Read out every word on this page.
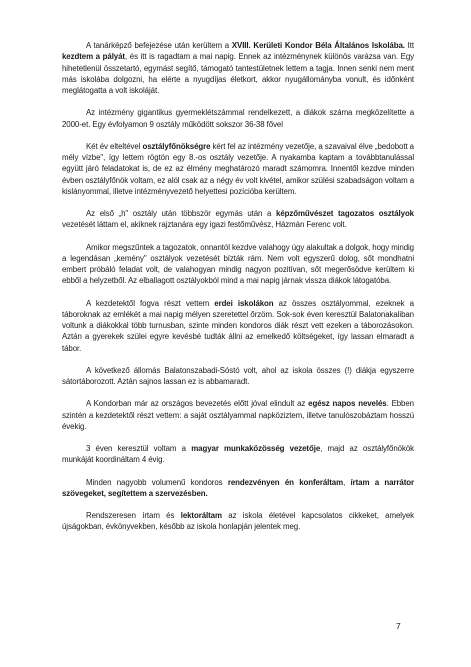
A tanárképző befejezése után kerültem a XVIII. Kerületi Kondor Béla Általános Iskolába. Itt kezdtem a pályát, és itt is ragadtam a mai napig. Ennek az intézménynek különös varázsa van. Egy hihetetlenül összetartó, egymást segítő, támogató tantestületnek lettem a tagja. Innen senki nem ment más iskolába dolgozni, ha elérte a nyugdíjas életkort, akkor nyugállományba vonult, és időnként meglátogatta a volt iskoláját.

Az intézmény gigantikus gyermeklétszámmal rendelkezett, a diákok száma megközelítette a 2000-et. Egy évfolyamon 9 osztály működött sokszor 36-38 fővel

Két év elteltével osztályfőnökségre kért fel az intézmény vezetője, a szavaival élve „bedobott a mély vízbe", így lettem rögtön egy 8.-os osztály vezetője. A nyakamba kaptam a továbbtanulással együtt járó feladatokat is, de ez az élmény meghatározó maradt számomra. Innentől kezdve minden évben osztályfőnök voltam, ez alól csak az a négy év volt kivétel, amikor szülési szabadságon voltam a kislányommal, illetve intézményvezető helyettesi pozícióba kerültem.

Az első „h" osztály után többször egymás után a képzőművészet tagozatos osztályok vezetését láttam el, akiknek rajztanára egy igazi festőművész, Házmán Ferenc volt.

Amikor megszűntek a tagozatok, onnantól kezdve valahogy úgy alakultak a dolgok, hogy mindig a legendásan „kemény" osztályok vezetését bízták rám. Nem volt egyszerű dolog, sőt mondhatni embert próbáló feladat volt, de valahogyan mindig nagyon pozitívan, sőt megerősödve kerültem ki ebből a helyzetből. Az elballagott osztályokból mind a mai napig járnak vissza diákok látogatóba.

A kezdetektől fogva részt vettem erdei iskolákon az összes osztályommal, ezeknek a táboroknak az emlékét a mai napig mélyen szeretettel őrzöm. Sok-sok éven keresztül Balatonakaliban voltunk a diákokkal több turnusban, szinte minden kondoros diák részt vett ezeken a táborozásokon. Aztán a gyerekek szülei egyre kevésbé tudták állni az emelkedő költségeket, így lassan elmaradt a tábor.

A következő állomás Balatonszabadi-Sóstó volt, ahol az iskola összes (!) diákja egyszerre sátortáborozott. Aztán sajnos lassan ez is abbamaradt.

A Kondorban már az országos bevezetés előtt jóval elindult az egész napos nevelés. Ebben szintén a kezdetektől részt vettem: a saját osztályammal napköziztem, illetve tanulószobáztam hosszú évekig.

3 éven keresztül voltam a magyar munkaközösség vezetője, majd az osztályfőnökök munkáját koordináltam 4 évig.

Minden nagyobb volumenű kondoros rendezvényen én konferáltam, írtam a narrátor szövegeket, segítettem a szervezésben.

Rendszeresen írtam és lektoráltam az iskola életével kapcsolatos cikkeket, amelyek újságokban, évkönyvekben, később az iskola honlapján jelentek meg.

7
